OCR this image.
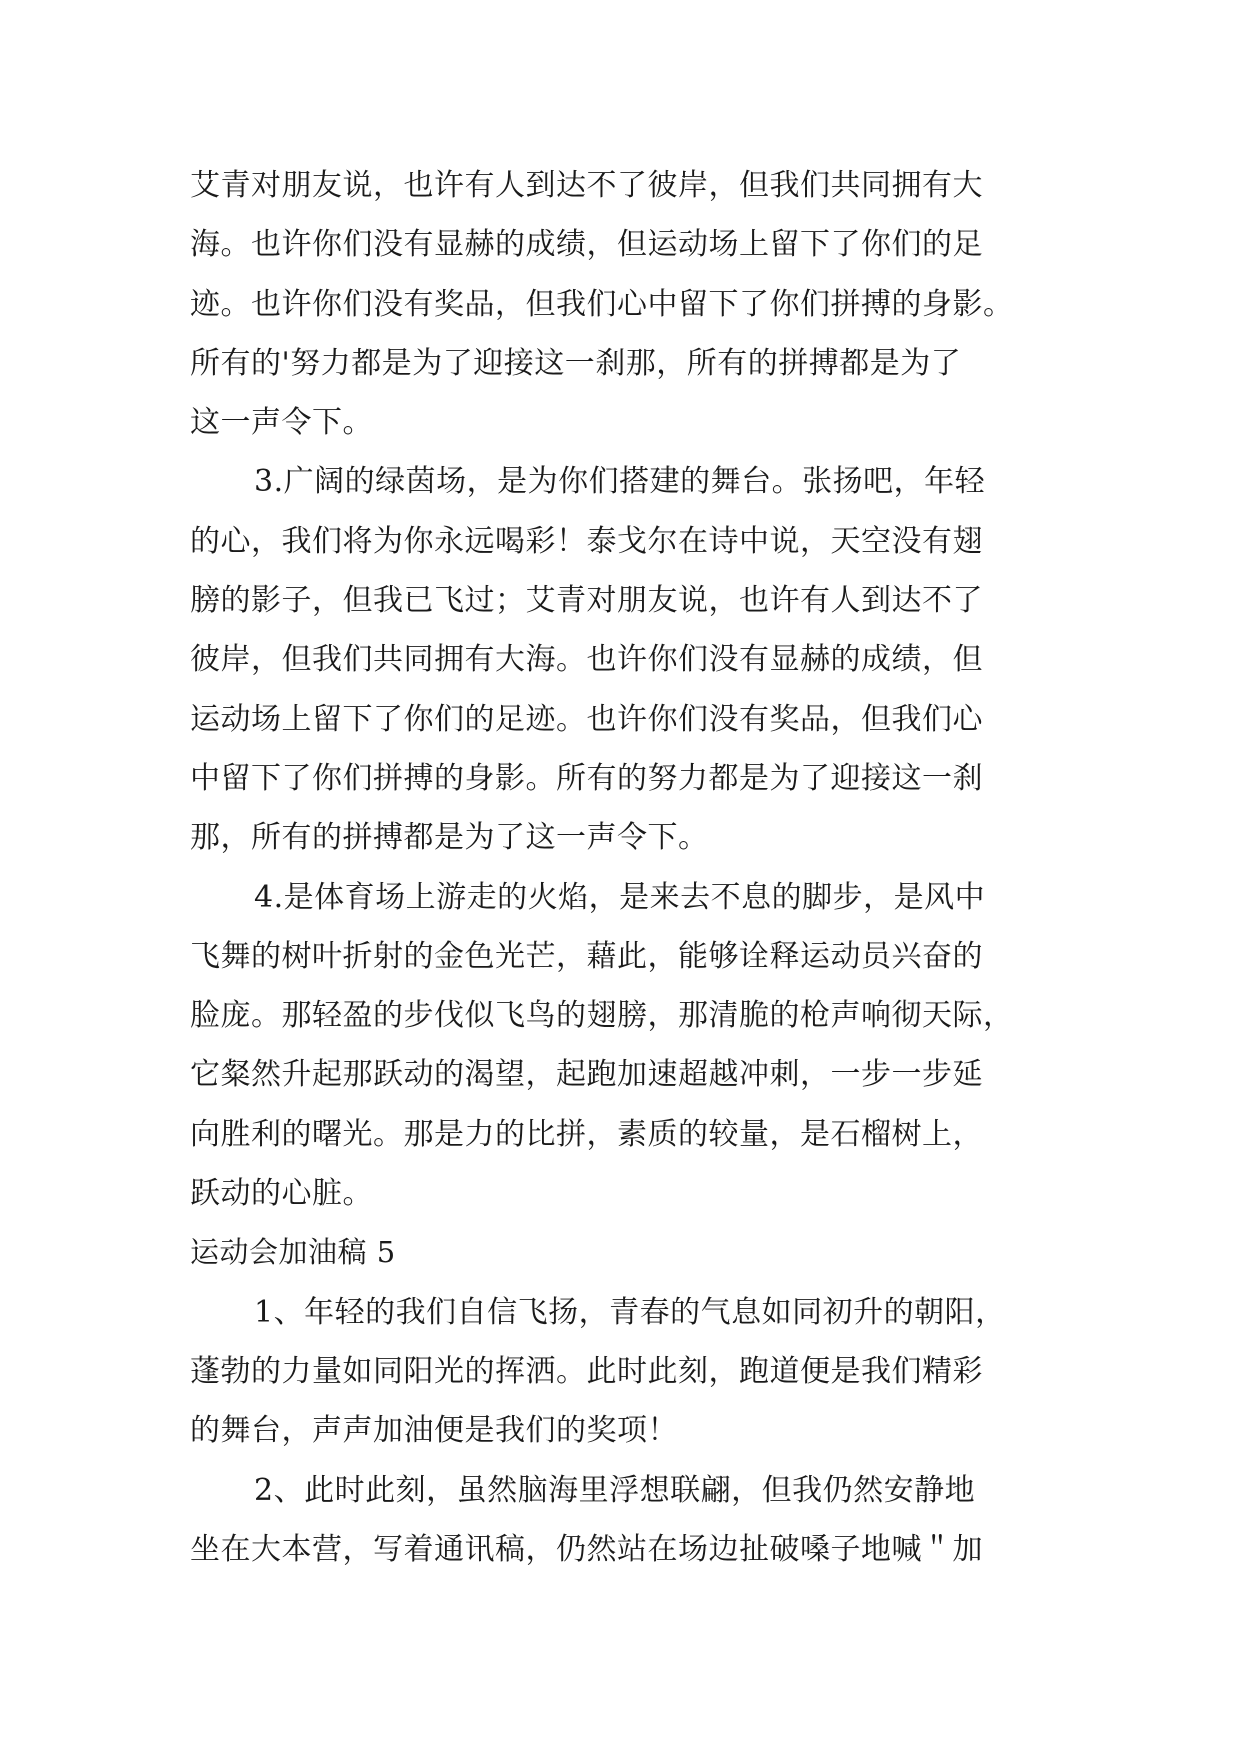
艾青对朋友说，也许有人到达不了彼岸，但我们共同拥有大
海。也许你们没有显赫的成绩，但运动场上留下了你们的足
迹。也许你们没有奖品，但我们心中留下了你们拼搏的身影。
所有的'努力都是为了迎接这一刹那，所有的拼搏都是为了
这一声令下。
3.广阔的绿茵场，是为你们搭建的舞台。张扬吧，年轻
的心，我们将为你永远喝彩！泰戈尔在诗中说，天空没有翅
膀的影子，但我已飞过；艾青对朋友说，也许有人到达不了
彼岸，但我们共同拥有大海。也许你们没有显赫的成绩，但
运动场上留下了你们的足迹。也许你们没有奖品，但我们心
中留下了你们拼搏的身影。所有的努力都是为了迎接这一刹
那，所有的拼搏都是为了这一声令下。
4.是体育场上游走的火焰，是来去不息的脚步，是风中
飞舞的树叶折射的金色光芒，藉此，能够诠释运动员兴奋的
脸庞。那轻盈的步伐似飞鸟的翅膀，那清脆的枪声响彻天际，
它粲然升起那跃动的渴望，起跑加速超越冲刺，一步一步延
向胜利的曙光。那是力的比拼，素质的较量，是石榴树上，
跃动的心脏。
运动会加油稿 5
1、年轻的我们自信飞扬，青春的气息如同初升的朝阳，
蓬勃的力量如同阳光的挥洒。此时此刻，跑道便是我们精彩
的舞台，声声加油便是我们的奖项！
2、此时此刻，虽然脑海里浮想联翩，但我仍然安静地
坐在大本营，写着通讯稿，仍然站在场边扯破嗓子地喊＂加
